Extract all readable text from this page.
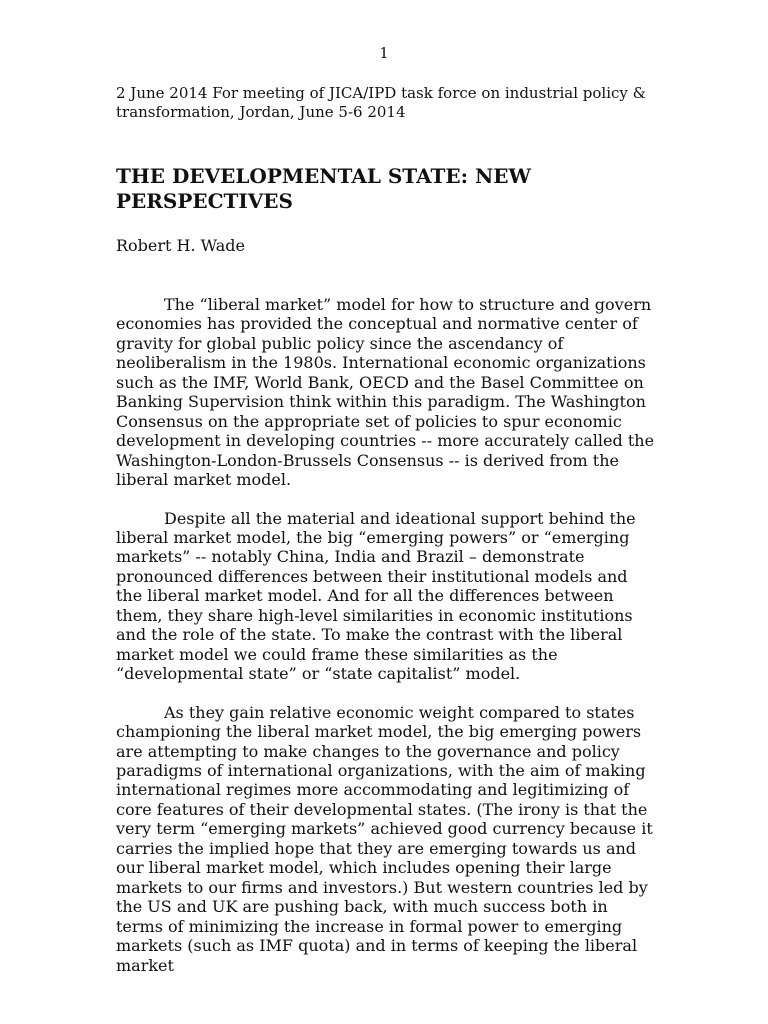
1

2 June 2014 For meeting of JICA/IPD task force on industrial policy & transformation, Jordan, June 5-6 2014

THE DEVELOPMENTAL STATE: NEW PERSPECTIVES

Robert H. Wade

The “liberal market” model for how to structure and govern economies has provided the conceptual and normative center of gravity for global public policy since the ascendancy of neoliberalism in the 1980s. International economic organizations such as the IMF, World Bank, OECD and the Basel Committee on Banking Supervision think within this paradigm. The Washington Consensus on the appropriate set of policies to spur economic development in developing countries -- more accurately called the Washington-London-Brussels Consensus -- is derived from the liberal market model.

Despite all the material and ideational support behind the liberal market model, the big “emerging powers” or “emerging markets” -- notably China, India and Brazil – demonstrate pronounced differences between their institutional models and the liberal market model. And for all the differences between them, they share high-level similarities in economic institutions and the role of the state. To make the contrast with the liberal market model we could frame these similarities as the “developmental state” or “state capitalist” model.

As they gain relative economic weight compared to states championing the liberal market model, the big emerging powers are attempting to make changes to the governance and policy paradigms of international organizations, with the aim of making international regimes more accommodating and legitimizing of core features of their developmental states. (The irony is that the very term “emerging markets” achieved good currency because it carries the implied hope that they are emerging towards us and our liberal market model, which includes opening their large markets to our firms and investors.) But western countries led by the US and UK are pushing back, with much success both in terms of minimizing the increase in formal power to emerging markets (such as IMF quota) and in terms of keeping the liberal market
